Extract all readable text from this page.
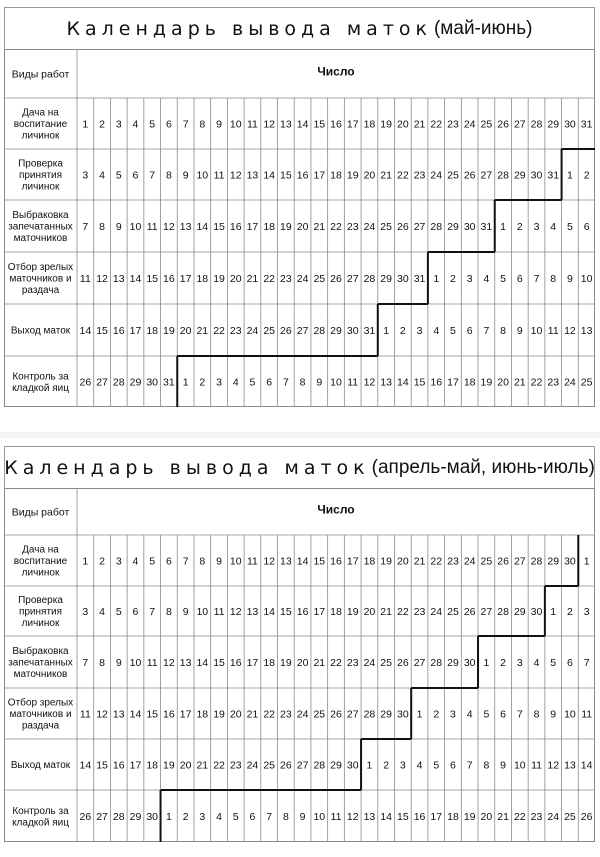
Календарь вывода маток (май-июнь)
Виды работ	Число
Дача на воспитание личинок
1 2 3 4 5 6 7 8 9 10 11 12 13 14 15 16 17 18 19 20 21 22 23 24 25 26 27 28 29 30 31
Проверка принятия личинок
3 4 5 6 7 8 9 10 11 12 13 14 15 16 17 18 19 20 21 22 23 24 25 26 27 28 29 30 31 1 2
Выбраковка запечатанных маточников
7 8 9 10 11 12 13 14 15 16 17 18 19 20 21 22 23 24 25 26 27 28 29 30 31 1 2 3 4 5 6
Отбор зрелых маточников и раздача
11 12 13 14 15 16 17 18 19 20 21 22 23 24 25 26 27 28 29 30 31 1 2 3 4 5 6 7 8 9 10
Выход маток 14 15 16 17 18 19 20 21 22 23 24 25 26 27 28 29 30 31 1 2 3 4 5 6 7 8 9 10 11 12 13
Контроль за кладкой яиц 26 27 28 29 30 31 1 2 3 4 5 6 7 8 9 10 11 12 13 14 15 16 17 18 19 20 21 22 23 24 25
Календарь вывода маток (апрель-май, июнь-июль)
Виды работ	Число
Дача на воспитание личинок
1 2 3 4 5 6 7 8 9 10 11 12 13 14 15 16 17 18 19 20 21 22 23 24 25 26 27 28 29 30 1
Проверка принятия личинок
3 4 5 6 7 8 9 10 11 12 13 14 15 16 17 18 19 20 21 22 23 24 25 26 27 28 29 30 1 2 3
Выбраковка запечатанных маточников
7 8 9 10 11 12 13 14 15 16 17 18 19 20 21 22 23 24 25 26 27 28 29 30 1 2 3 4 5 6 7
Отбор зрелых маточников и раздача
11 12 13 14 15 16 17 18 19 20 21 22 23 24 25 26 27 28 29 30 1 2 3 4 5 6 7 8 9 10 11
Выход маток 14 15 16 17 18 19 20 21 22 23 24 25 26 27 28 29 30 1 2 3 4 5 6 7 8 9 10 11 12 13 14
Контроль за кладкой яиц 26 27 28 29 30 1 2 3 4 5 6 7 8 9 10 11 12 13 14 15 16 17 18 19 20 21 22 23 24 25 26
